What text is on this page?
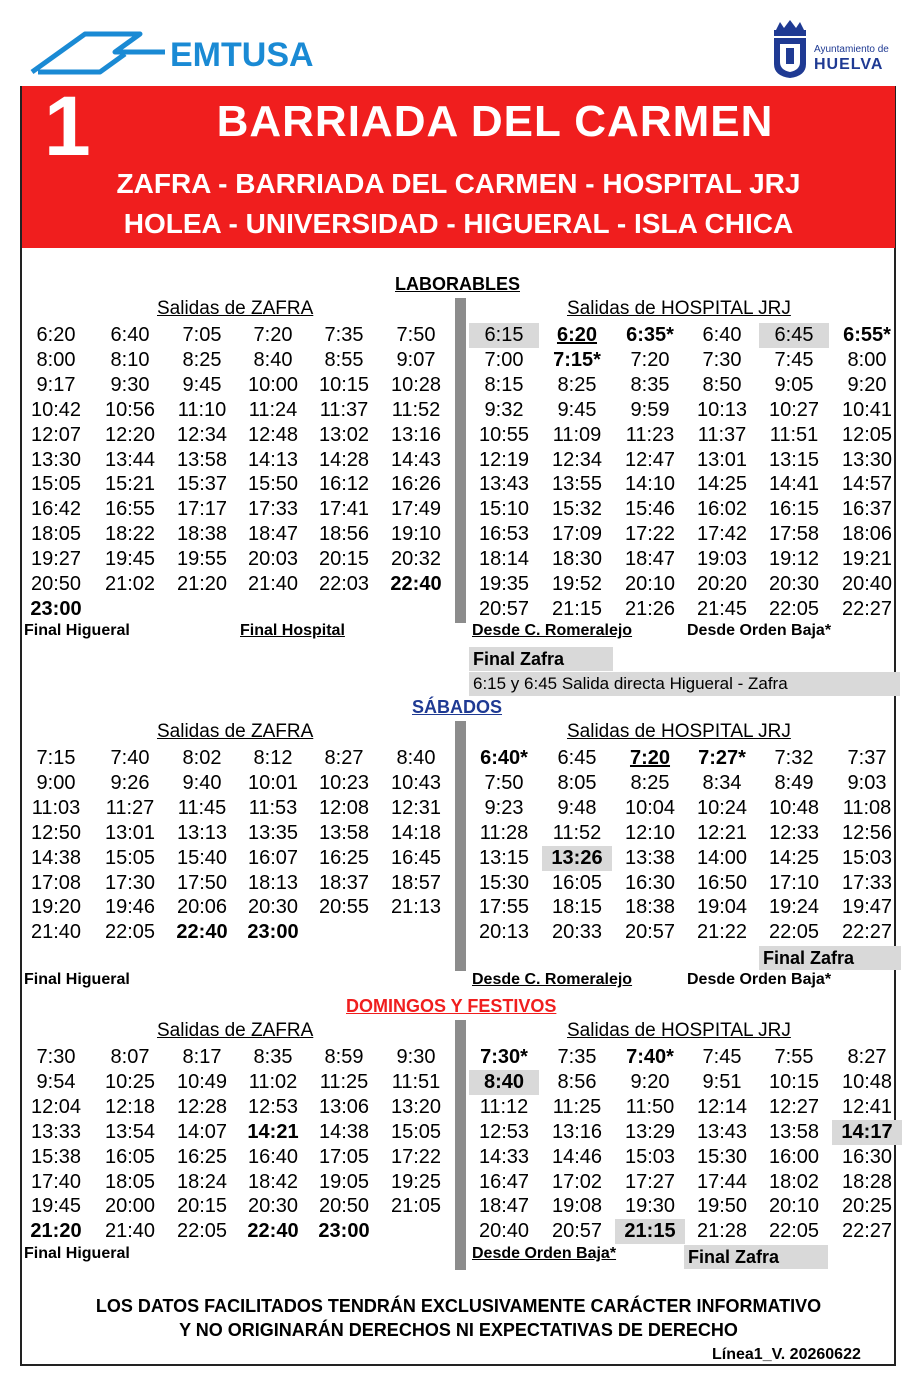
EMTUSA	Ayuntamiento de
HUELVA
1	BARRIADA DEL CARMEN
ZAFRA - BARRIADA DEL CARMEN - HOSPITAL JRJ
HOLEA - UNIVERSIDAD - HIGUERAL - ISLA CHICA
LABORABLES
Salidas de ZAFRA	Salidas de HOSPITAL JRJ
6:20	6:40	7:05	7:20	7:35	7:50
8:00	8:10	8:25	8:40	8:55	9:07
9:17	9:30	9:45	10:00	10:15	10:28
10:42	10:56	11:10	11:24	11:37	11:52
12:07	12:20	12:34	12:48	13:02	13:16
13:30	13:44	13:58	14:13	14:28	14:43
15:05	15:21	15:37	15:50	16:12	16:26
16:42	16:55	17:17	17:33	17:41	17:49
18:05	18:22	18:38	18:47	18:56	19:10
19:27	19:45	19:55	20:03	20:15	20:32
20:50	21:02	21:20	21:40	22:03	22:40
23:00
6:15	6:20	6:35*	6:40	6:45	6:55*
7:00	7:15*	7:20	7:30	7:45	8:00
8:15	8:25	8:35	8:50	9:05	9:20
9:32	9:45	9:59	10:13	10:27	10:41
10:55	11:09	11:23	11:37	11:51	12:05
12:19	12:34	12:47	13:01	13:15	13:30
13:43	13:55	14:10	14:25	14:41	14:57
15:10	15:32	15:46	16:02	16:15	16:37
16:53	17:09	17:22	17:42	17:58	18:06
18:14	18:30	18:47	19:03	19:12	19:21
19:35	19:52	20:10	20:20	20:30	20:40
20:57	21:15	21:26	21:45	22:05	22:27
Final Higueral	Final Hospital	Desde C. Romeralejo	Desde Orden Baja*
Final Zafra
6:15 y 6:45 Salida directa Higueral - Zafra
SÁBADOS
Salidas de ZAFRA	Salidas de HOSPITAL JRJ
7:15	7:40	8:02	8:12	8:27	8:40
9:00	9:26	9:40	10:01	10:23	10:43
11:03	11:27	11:45	11:53	12:08	12:31
12:50	13:01	13:13	13:35	13:58	14:18
14:38	15:05	15:40	16:07	16:25	16:45
17:08	17:30	17:50	18:13	18:37	18:57
19:20	19:46	20:06	20:30	20:55	21:13
21:40	22:05	22:40 23:00
6:40*	6:45	7:20	7:27*	7:32	7:37
7:50	8:05	8:25	8:34	8:49	9:03
9:23	9:48	10:04	10:24	10:48	11:08
11:28	11:52	12:10	12:21	12:33	12:56
13:15	13:26	13:38	14:00	14:25	15:03
15:30	16:05	16:30	16:50	17:10	17:33
17:55	18:15	18:38	19:04	19:24	19:47
20:13	20:33	20:57	21:22	22:05	22:27
Final Higueral
Final Zafra
Desde C. Romeralejo	Desde Orden Baja*
DOMINGOS Y FESTIVOS
Salidas de ZAFRA	Salidas de HOSPITAL JRJ
7:30	8:07	8:17	8:35	8:59	9:30
9:54	10:25	10:49	11:02	11:25	11:51
12:04	12:18	12:28	12:53	13:06	13:20
13:33	13:54	14:07	14:21	14:38	15:05
15:38	16:05	16:25	16:40	17:05	17:22
17:40	18:05	18:24	18:42	19:05	19:25
19:45	20:00	20:15	20:30	20:50	21:05
21:20	21:40	22:05	22:40 23:00
7:30*	7:35	7:40*	7:45	7:55	8:27
8:40	8:56	9:20	9:51	10:15	10:48
11:12	11:25	11:50	12:14	12:27	12:41
12:53	13:16	13:29	13:43	13:58	14:17
14:33	14:46	15:03	15:30	16:00	16:30
16:47	17:02	17:27	17:44	18:02	18:28
18:47	19:08	19:30	19:50	20:10	20:25
20:40	20:57	21:15	21:28	22:05	22:27
Final Higueral	Desde Orden Baja*	Final Zafra
LOS DATOS FACILITADOS TENDRÁN EXCLUSIVAMENTE CARÁCTER INFORMATIVO
Y NO ORIGINARÁN DERECHOS NI EXPECTATIVAS DE DERECHO
Línea1_V. 20260622
